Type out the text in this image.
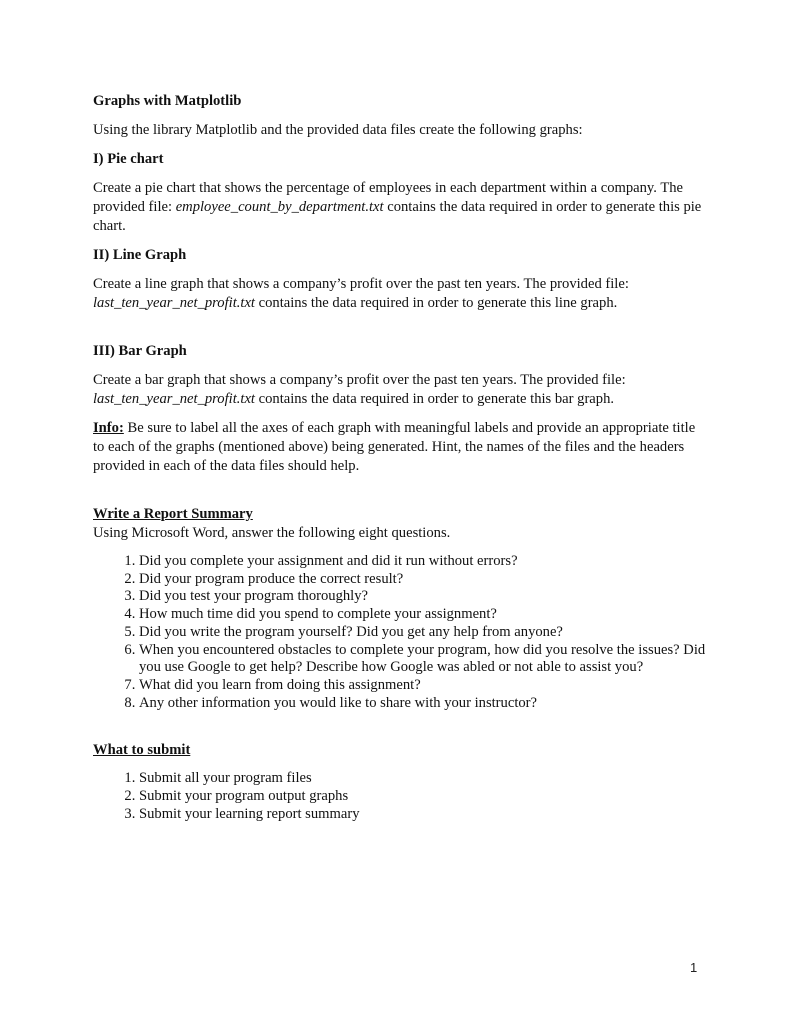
Graphs with Matplotlib

Using the library Matplotlib and the provided data files create the following graphs:

I) Pie chart

Create a pie chart that shows the percentage of employees in each department within a company. The provided file: employee_count_by_department.txt contains the data required in order to generate this pie chart.

II) Line Graph

Create a line graph that shows a company’s profit over the past ten years. The provided file: last_ten_year_net_profit.txt contains the data required in order to generate this line graph.

III) Bar Graph

Create a bar graph that shows a company’s profit over the past ten years. The provided file: last_ten_year_net_profit.txt contains the data required in order to generate this bar graph.

Info: Be sure to label all the axes of each graph with meaningful labels and provide an appropriate title to each of the graphs (mentioned above) being generated. Hint, the names of the files and the headers provided in each of the data files should help.

Write a Report Summary

Using Microsoft Word, answer the following eight questions.

1. Did you complete your assignment and did it run without errors?
2. Did your program produce the correct result?
3. Did you test your program thoroughly?
4. How much time did you spend to complete your assignment?
5. Did you write the program yourself? Did you get any help from anyone?
6. When you encountered obstacles to complete your program, how did you resolve the issues? Did you use Google to get help? Describe how Google was abled or not able to assist you?
7. What did you learn from doing this assignment?
8. Any other information you would like to share with your instructor?

What to submit

1. Submit all your program files
2. Submit your program output graphs
3. Submit your learning report summary
1
